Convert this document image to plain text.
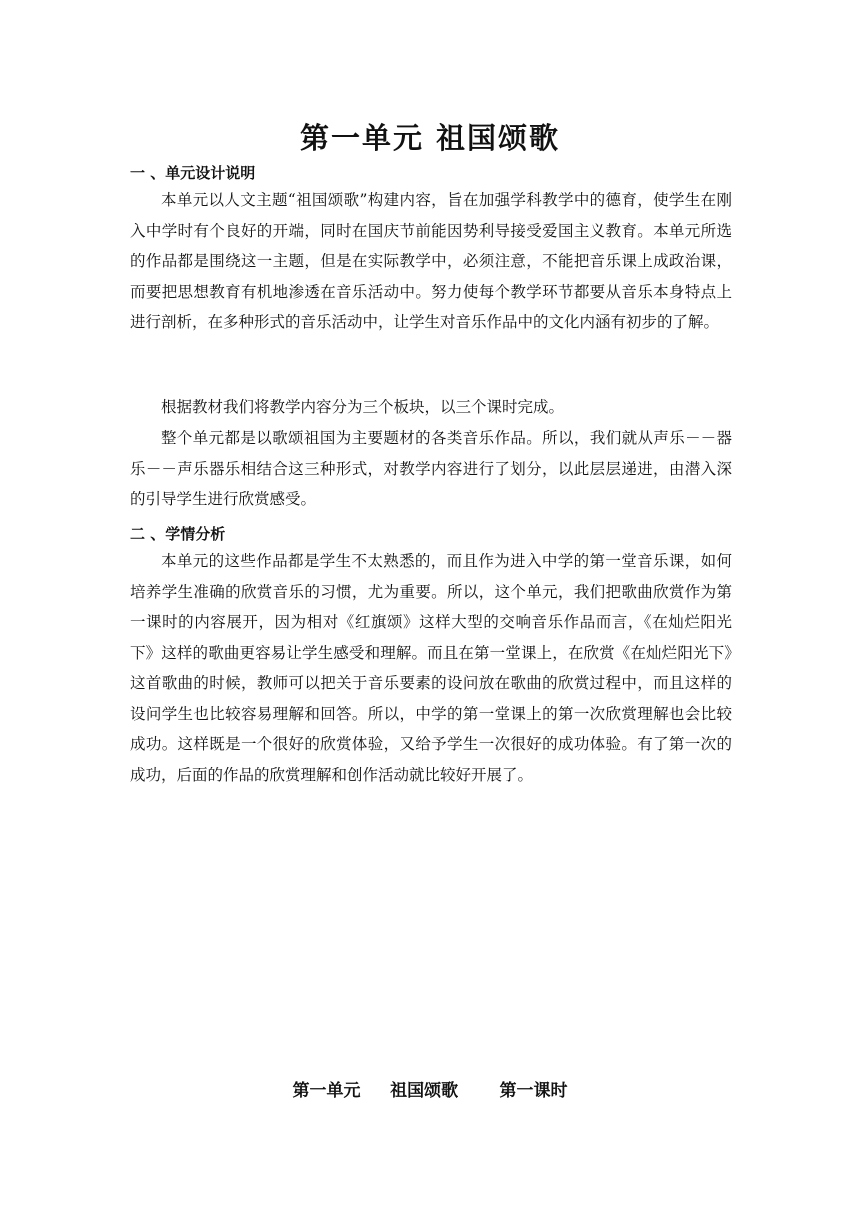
第一单元 祖国颂歌
一 、单元设计说明

本单元以人文主题“祖国颂歌”构建内容，旨在加强学科教学中的德育，使学生在刚入中学时有个良好的开端，同时在国庆节前能因势利导接受爱国主义教育。本单元所选的作品都是围绕这一主题，但是在实际教学中，必须注意，不能把音乐课上成政治课，而要把思想教育有机地渗透在音乐活动中。努力使每个教学环节都要从音乐本身特点上进行剖析，在多种形式的音乐活动中，让学生对音乐作品中的文化内涵有初步的了解。

根据教材我们将教学内容分为三个板块，以三个课时完成。

整个单元都是以歌颂祖国为主要题材的各类音乐作品。所以，我们就从声乐－－器乐－－声乐器乐相结合这三种形式，对教学内容进行了划分，以此层层递进，由潜入深的引导学生进行欣赏感受。

二 、学情分析

本单元的这些作品都是学生不太熟悉的，而且作为进入中学的第一堂音乐课，如何培养学生准确的欣赏音乐的习惯，尤为重要。所以，这个单元，我们把歌曲欣赏作为第一课时的内容展开，因为相对《红旗颂》这样大型的交响音乐作品而言，《在灿烂阳光下》这样的歌曲更容易让学生感受和理解。而且在第一堂课上，在欣赏《在灿烂阳光下》这首歌曲的时候，教师可以把关于音乐要素的设问放在歌曲的欣赏过程中，而且这样的设问学生也比较容易理解和回答。所以，中学的第一堂课上的第一次欣赏理解也会比较成功。这样既是一个很好的欣赏体验，又给予学生一次很好的成功体验。有了第一次的成功，后面的作品的欣赏理解和创作活动就比较好开展了。

第一单元     祖国颂歌       第一课时
